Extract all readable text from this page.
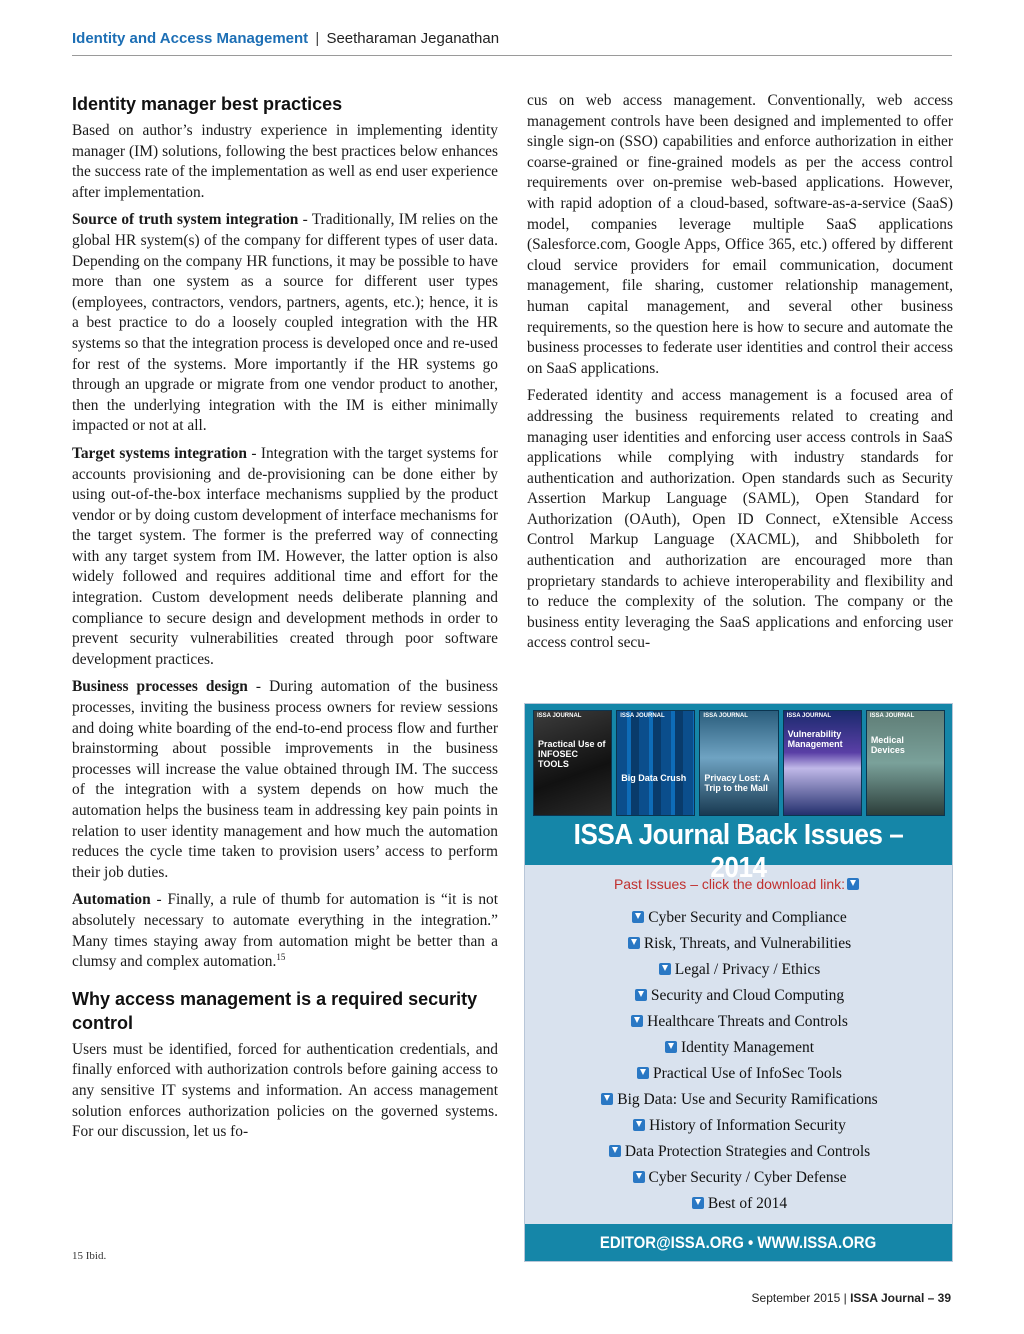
Identity and Access Management | Seetharaman Jeganathan
Identity manager best practices

Based on author’s industry experience in implementing identity manager (IM) solutions, following the best practices below enhances the success rate of the implementation as well as end user experience after implementation.

Source of truth system integration - Traditionally, IM relies on the global HR system(s) of the company for different types of user data. Depending on the company HR functions, it may be possible to have more than one system as a source for different user types (employees, contractors, vendors, partners, agents, etc.); hence, it is a best practice to do a loosely coupled integration with the HR systems so that the integration process is developed once and re-used for rest of the systems. More importantly if the HR systems go through an upgrade or migrate from one vendor product to another, then the underlying integration with the IM is either minimally impacted or not at all.

Target systems integration - Integration with the target systems for accounts provisioning and de-provisioning can be done either by using out-of-the-box interface mechanisms supplied by the product vendor or by doing custom development of interface mechanisms for the target system. The former is the preferred way of connecting with any target system from IM. However, the latter option is also widely followed and requires additional time and effort for the integration. Custom development needs deliberate planning and compliance to secure design and development methods in order to prevent security vulnerabilities created through poor software development practices.

Business processes design - During automation of the business processes, inviting the business process owners for review sessions and doing white boarding of the end-to-end process flow and further brainstorming about possible improvements in the business processes will increase the value obtained through IM. The success of the integration with a system depends on how much the automation helps the business team in addressing key pain points in relation to user identity management and how much the automation reduces the cycle time taken to provision users’ access to perform their job duties.

Automation - Finally, a rule of thumb for automation is “it is not absolutely necessary to automate everything in the integration.” Many times staying away from automation might be better than a clumsy and complex automation.$^{15}$

Why access management is a required security control

Users must be identified, forced for authentication credentials, and finally enforced with authorization controls before gaining access to any sensitive IT systems and information. An access management solution enforces authorization policies on the governed systems. For our discussion, let us fo-

cus on web access management. Conventionally, web access management controls have been designed and implemented to offer single sign-on (SSO) capabilities and enforce authorization in either coarse-grained or fine-grained models as per the access control requirements over on-premise web-based applications. However, with rapid adoption of a cloud-based, software-as-a-service (SaaS) model, companies leverage multiple SaaS applications (Salesforce.com, Google Apps, Office 365, etc.) offered by different cloud service providers for email communication, document management, file sharing, customer relationship management, human capital management, and several other business requirements, so the question here is how to secure and automate the business processes to federate user identities and control their access on SaaS applications.

Federated identity and access management is a focused area of addressing the business requirements related to creating and managing user identities and enforcing user access controls in SaaS applications while complying with industry standards for authentication and authorization. Open standards such as Security Assertion Markup Language (SAML), Open Standard for Authorization (OAuth), Open ID Connect, eXtensible Access Control Markup Language (XACML), and Shibboleth for authentication and authorization are encouraged more than proprietary standards to achieve interoperability and flexibility and to reduce the complexity of the solution. The company or the business entity leveraging the SaaS applications and enforcing user access control secu-

ISSA JOURNAL
Practical Use of INFOSEC TOOLS
ISSA JOURNAL
Big Data Crush
ISSA JOURNAL
Privacy Lost: A Trip to the Mall
ISSA JOURNAL
Vulnerability Management
ISSA JOURNAL
Medical Devices
ISSA Journal Back Issues – 2014
Past Issues – click the download link:
Cyber Security and Compliance
Risk, Threats, and Vulnerabilities
Legal / Privacy / Ethics
Security and Cloud Computing
Healthcare Threats and Controls
Identity Management
Practical Use of InfoSec Tools
Big Data: Use and Security Ramifications
History of Information Security
Data Protection Strategies and Controls
Cyber Security / Cyber Defense
Best of 2014
EDITOR@ISSA.ORG • WWW.ISSA.ORG
15 Ibid.
September 2015 | ISSA Journal – 39
